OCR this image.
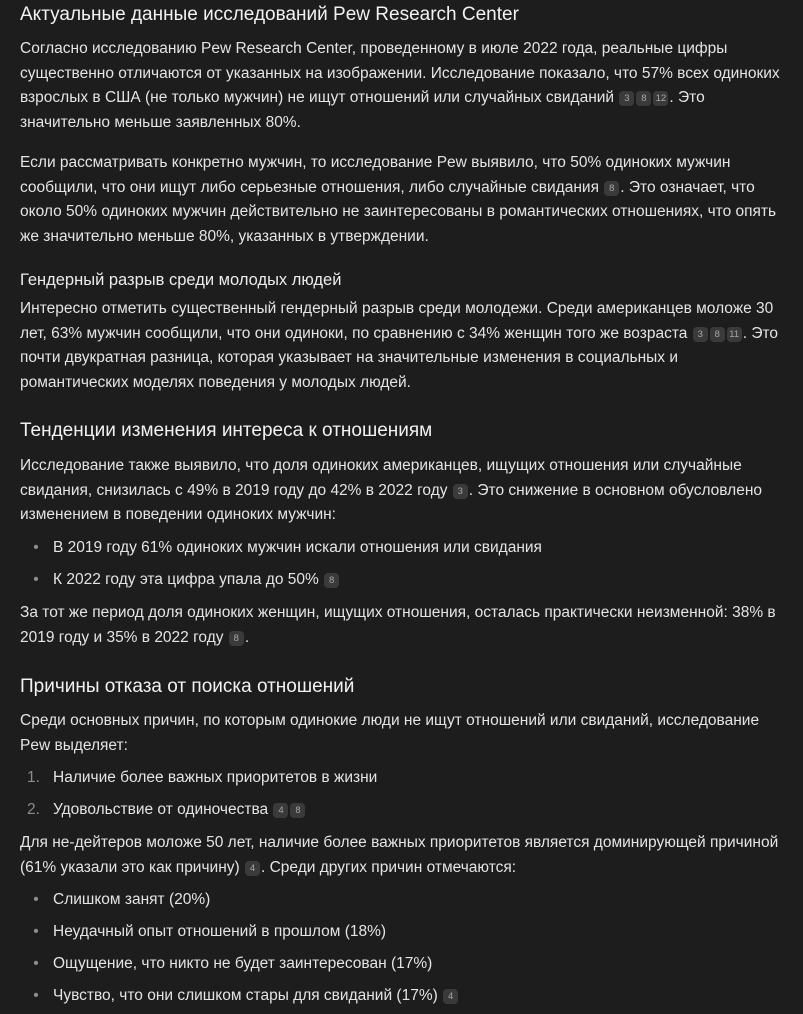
Актуальные данные исследований Pew Research Center

Согласно исследованию Pew Research Center, проведенному в июле 2022 года, реальные цифры существенно отличаются от указанных на изображении. Исследование показало, что 57% всех одиноких взрослых в США (не только мужчин) не ищут отношений или случайных свиданий 3 8 12 . Это значительно меньше заявленных 80%.

Если рассматривать конкретно мужчин, то исследование Pew выявило, что 50% одиноких мужчин сообщили, что они ищут либо серьезные отношения, либо случайные свидания 8 . Это означает, что около 50% одиноких мужчин действительно не заинтересованы в романтических отношениях, что опять же значительно меньше 80%, указанных в утверждении.

Гендерный разрыв среди молодых людей

Интересно отметить существенный гендерный разрыв среди молодежи. Среди американцев моложе 30 лет, 63% мужчин сообщили, что они одиноки, по сравнению с 34% женщин того же возраста 3 8 11 . Это почти двукратная разница, которая указывает на значительные изменения в социальных и романтических моделях поведения у молодых людей.

Тенденции изменения интереса к отношениям

Исследование также выявило, что доля одиноких американцев, ищущих отношения или случайные свидания, снизилась с 49% в 2019 году до 42% в 2022 году 3 . Это снижение в основном обусловлено изменением в поведении одиноких мужчин:

• В 2019 году 61% одиноких мужчин искали отношения или свидания
• К 2022 году эта цифра упала до 50% 8

За тот же период доля одиноких женщин, ищущих отношения, осталась практически неизменной: 38% в 2019 году и 35% в 2022 году 8 .

Причины отказа от поиска отношений

Среди основных причин, по которым одинокие люди не ищут отношений или свиданий, исследование Pew выделяет:

1. Наличие более важных приоритетов в жизни
2. Удовольствие от одиночества 4 8

Для не-дейтеров моложе 50 лет, наличие более важных приоритетов является доминирующей причиной (61% указали это как причину) 4 . Среди других причин отмечаются:

• Слишком занят (20%)
• Неудачный опыт отношений в прошлом (18%)
• Ощущение, что никто не будет заинтересован (17%)
• Чувство, что они слишком стары для свиданий (17%) 4
